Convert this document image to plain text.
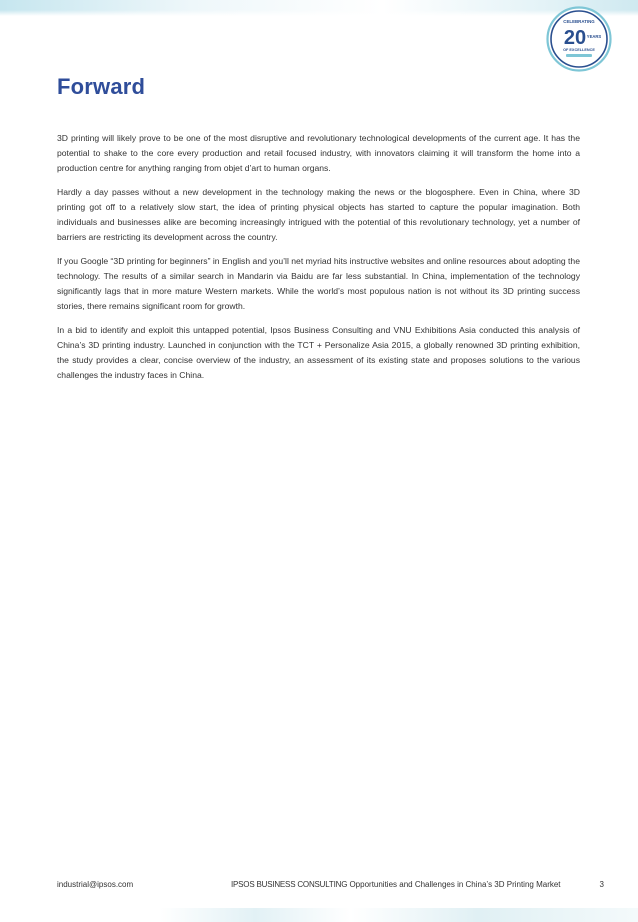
CELEBRATING
20 YEARS
OF EXCELLENCE
Forward

3D printing will likely prove to be one of the most disruptive and revolutionary technological developments of the current age. It has the potential to shake to the core every production and retail focused industry, with innovators claiming it will transform the home into a production centre for anything ranging from objet d’art to human organs.

Hardly a day passes without a new development in the technology making the news or the blogosphere. Even in China, where 3D printing got off to a relatively slow start, the idea of printing physical objects has started to capture the popular imagination. Both individuals and businesses alike are becoming increasingly intrigued with the potential of this revolutionary technology, yet a number of barriers are restricting its development across the country.

If you Google “3D printing for beginners” in English and you’ll net myriad hits instructive websites and online resources about adopting the technology. The results of a similar search in Mandarin via Baidu are far less substantial. In China, implementation of the technology significantly lags that in more mature Western markets. While the world’s most populous nation is not without its 3D printing success stories, there remains significant room for growth.

In a bid to identify and exploit this untapped potential, Ipsos Business Consulting and VNU Exhibitions Asia conducted this analysis of China’s 3D printing industry. Launched in conjunction with the TCT + Personalize Asia 2015, a globally renowned 3D printing exhibition, the study provides a clear, concise overview of the industry, an assessment of its existing state and proposes solutions to the various challenges the industry faces in China.

industrial@ipsos.com	IPSOS BUSINESS CONSULTING Opportunities and Challenges in China’s 3D Printing Market	3
